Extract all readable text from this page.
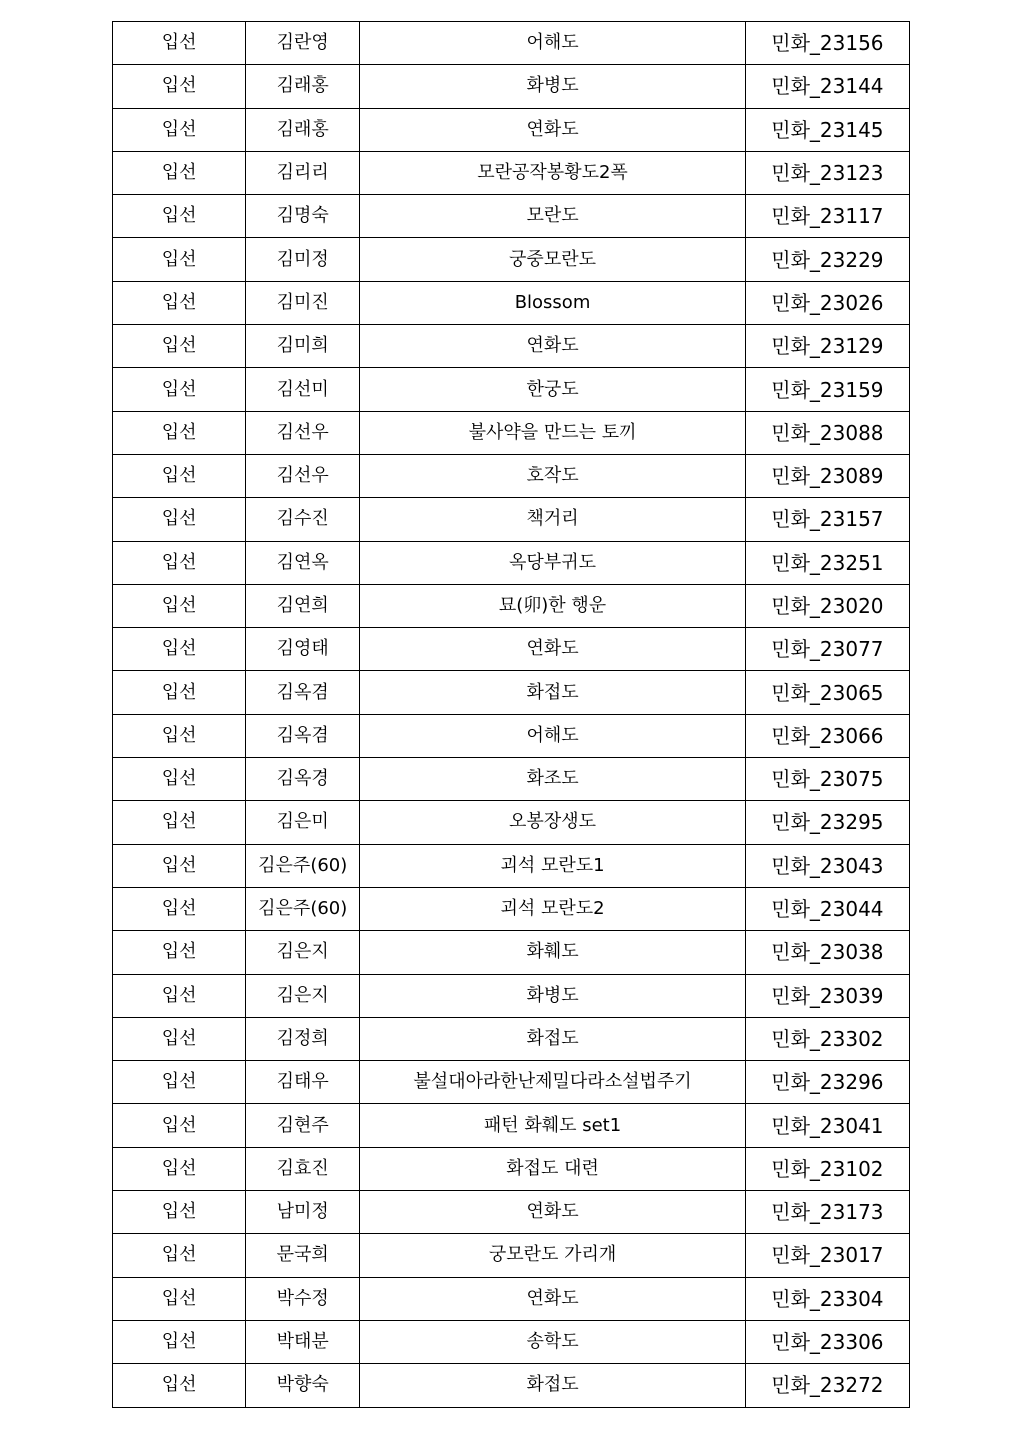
입선	김란영	어해도	민화_23156
입선	김래홍	화병도	민화_23144
입선	김래홍	연화도	민화_23145
입선	김리리	모란공작봉황도2폭	민화_23123
입선	김명숙	모란도	민화_23117
입선	김미정	궁중모란도	민화_23229
입선	김미진	Blossom	민화_23026
입선	김미희	연화도	민화_23129
입선	김선미	한궁도	민화_23159
입선	김선우	불사약을 만드는 토끼	민화_23088
입선	김선우	호작도	민화_23089
입선	김수진	책거리	민화_23157
입선	김연옥	옥당부귀도	민화_23251
입선	김연희	묘(卯)한 행운	민화_23020
입선	김영태	연화도	민화_23077
입선	김옥겸	화접도	민화_23065
입선	김옥겸	어해도	민화_23066
입선	김옥경	화조도	민화_23075
입선	김은미	오봉장생도	민화_23295
입선	김은주(60)	괴석 모란도1	민화_23043
입선	김은주(60)	괴석 모란도2	민화_23044
입선	김은지	화훼도	민화_23038
입선	김은지	화병도	민화_23039
입선	김정희	화접도	민화_23302
입선	김태우	불설대아라한난제밀다라소설법주기	민화_23296
입선	김현주	패턴 화훼도 set1	민화_23041
입선	김효진	화접도 대련	민화_23102
입선	남미정	연화도	민화_23173
입선	문국희	궁모란도 가리개	민화_23017
입선	박수정	연화도	민화_23304
입선	박태분	송학도	민화_23306
입선	박향숙	화접도	민화_23272
